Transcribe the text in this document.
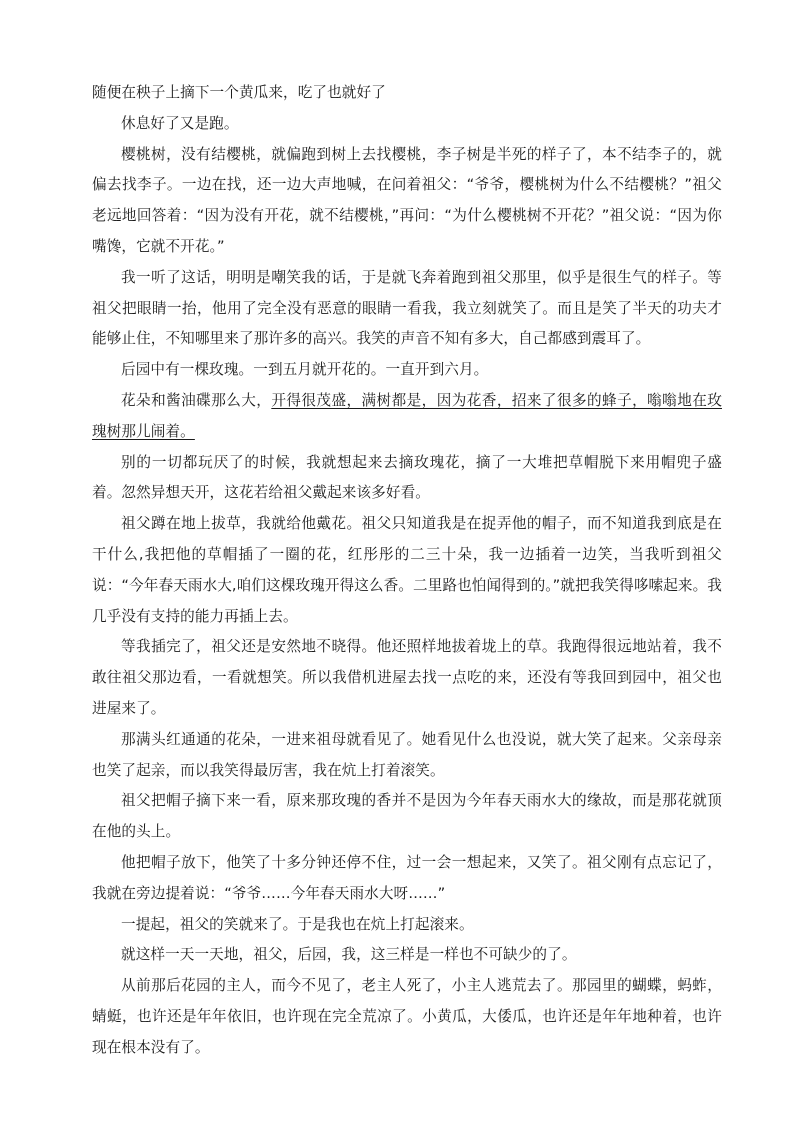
随便在秧子上摘下一个黄瓜来，吃了也就好了

休息好了又是跑。

樱桃树，没有结樱桃，就偏跑到树上去找樱桃，李子树是半死的样子了，本不结李子的，就偏去找李子。一边在找，还一边大声地喊，在问着祖父：“爷爷，樱桃树为什么不结樱桃？”祖父老远地回答着：“因为没有开花，就不结樱桃，”再问：“为什么樱桃树不开花？”祖父说：“因为你嘴馋，它就不开花。”

我一听了这话，明明是嘲笑我的话，于是就飞奔着跑到祖父那里，似乎是很生气的样子。等祖父把眼睛一抬，他用了完全没有恶意的眼睛一看我，我立刻就笑了。而且是笑了半天的功夫才能够止住，不知哪里来了那许多的高兴。我笑的声音不知有多大，自己都感到震耳了。

后园中有一棵玫瑰。一到五月就开花的。一直开到六月。

花朵和酱油碟那么大，开得很茂盛，满树都是，因为花香，招来了很多的蜂子，嗡嗡地在玫瑰树那儿闹着。

别的一切都玩厌了的时候，我就想起来去摘玫瑰花，摘了一大堆把草帽脱下来用帽兜子盛着。忽然异想天开，这花若给祖父戴起来该多好看。

祖父蹲在地上拔草，我就给他戴花。祖父只知道我是在捉弄他的帽子，而不知道我到底是在干什么,我把他的草帽插了一圈的花，红彤彤的二三十朵，我一边插着一边笑，当我听到祖父说：“今年春天雨水大,咱们这棵玫瑰开得这么香。二里路也怕闻得到的。”就把我笑得哆嗦起来。我几乎没有支持的能力再插上去。

等我插完了，祖父还是安然地不晓得。他还照样地拔着垅上的草。我跑得很远地站着，我不敢往祖父那边看，一看就想笑。所以我借机进屋去找一点吃的来，还没有等我回到园中，祖父也进屋来了。

那满头红通通的花朵，一进来祖母就看见了。她看见什么也没说，就大笑了起来。父亲母亲也笑了起亲，而以我笑得最厉害，我在炕上打着滚笑。

祖父把帽子摘下来一看，原来那玫瑰的香并不是因为今年春天雨水大的缘故，而是那花就顶在他的头上。

他把帽子放下，他笑了十多分钟还停不住，过一会一想起来，又笑了。祖父刚有点忘记了，我就在旁边提着说：“爷爷……今年春天雨水大呀……”

一提起，祖父的笑就来了。于是我也在炕上打起滚来。

就这样一天一天地，祖父，后园，我，这三样是一样也不可缺少的了。

从前那后花园的主人，而今不见了，老主人死了，小主人逃荒去了。那园里的蝴蝶，蚂蚱，蜻蜓，也许还是年年依旧，也许现在完全荒凉了。小黄瓜，大倭瓜，也许还是年年地种着，也许现在根本没有了。
